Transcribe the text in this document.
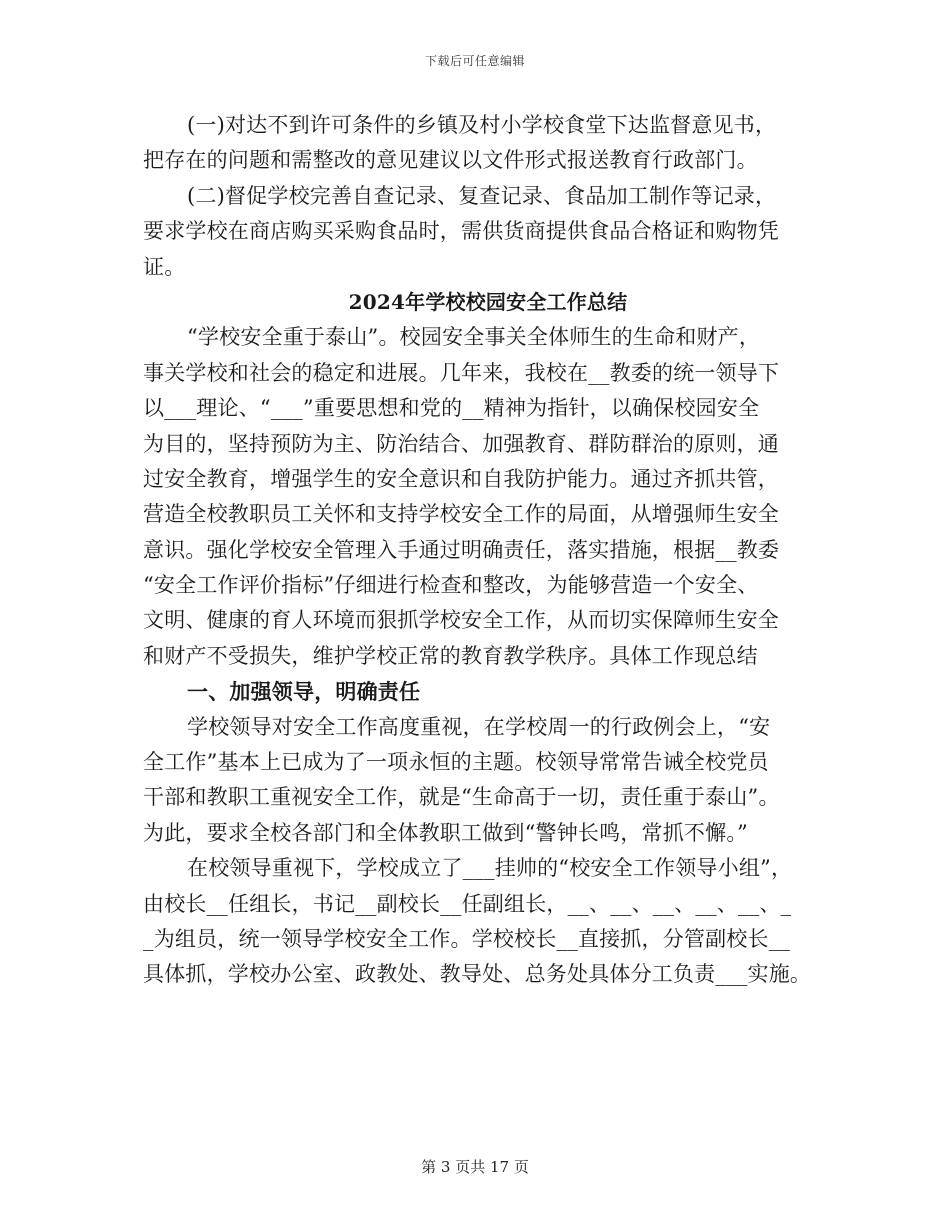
下载后可任意编辑
(一)对达不到许可条件的乡镇及村小学校食堂下达监督意见书，
把存在的问题和需整改的意见建议以文件形式报送教育行政部门。
(二)督促学校完善自查记录、复查记录、食品加工制作等记录，
要求学校在商店购买采购食品时，需供货商提供食品合格证和购物凭
证。
2024年学校校园安全工作总结
“学校安全重于泰山”。校园安全事关全体师生的生命和财产，
事关学校和社会的稳定和进展。几年来，我校在__教委的统一领导下
以___理论、“___”重要思想和党的__精神为指针，以确保校园安全
为目的，坚持预防为主、防治结合、加强教育、群防群治的原则，通
过安全教育，增强学生的安全意识和自我防护能力。通过齐抓共管，
营造全校教职员工关怀和支持学校安全工作的局面，从增强师生安全
意识。强化学校安全管理入手通过明确责任，落实措施，根据__教委
“安全工作评价指标”仔细进行检查和整改，为能够营造一个安全、
文明、健康的育人环境而狠抓学校安全工作，从而切实保障师生安全
和财产不受损失，维护学校正常的教育教学秩序。具体工作现总结
一、加强领导，明确责任
学校领导对安全工作高度重视，在学校周一的行政例会上，“安
全工作”基本上已成为了一项永恒的主题。校领导常常告诫全校党员
干部和教职工重视安全工作，就是“生命高于一切，责任重于泰山”。
为此，要求全校各部门和全体教职工做到“警钟长鸣，常抓不懈。”
在校领导重视下，学校成立了___挂帅的“校安全工作领导小组”，
由校长__任组长，书记__副校长__任副组长，__、__、__、__、__、_
_为组员，统一领导学校安全工作。学校校长__直接抓，分管副校长__
具体抓，学校办公室、政教处、教导处、总务处具体分工负责___实施。
第 3 页共 17 页
